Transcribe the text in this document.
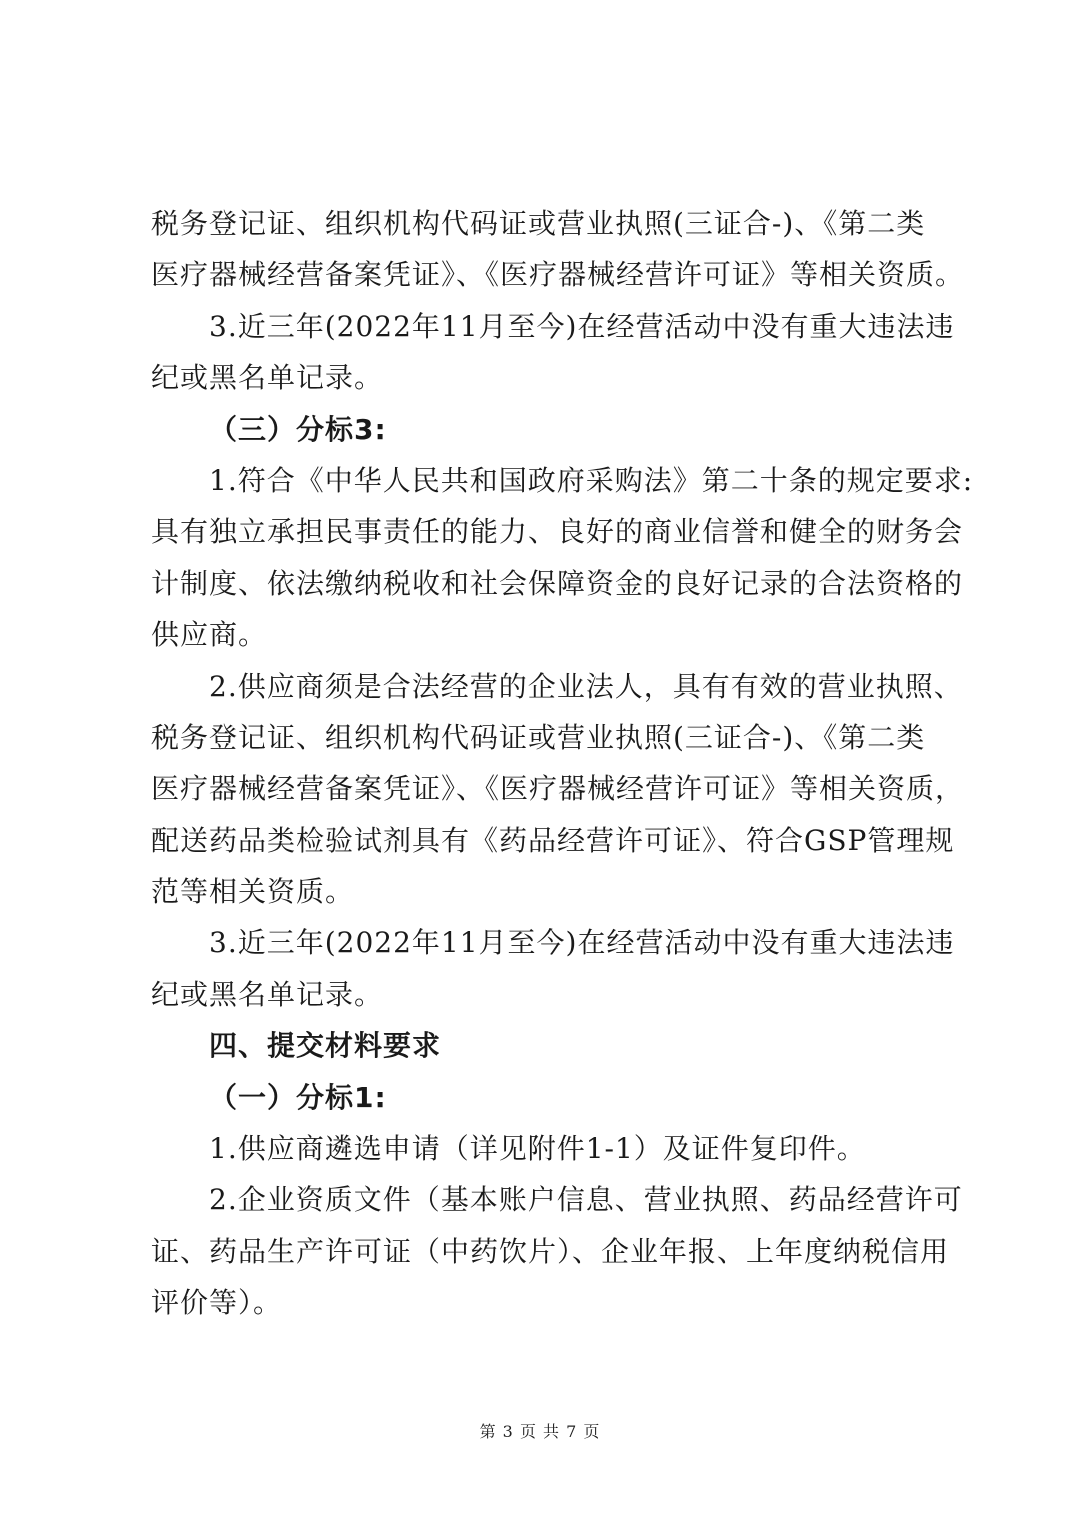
税务登记证、组织机构代码证或营业执照(三证合-)、《第二类
医疗器械经营备案凭证》、《医疗器械经营许可证》等相关资质。
3.近三年(2022年11月至今)在经营活动中没有重大违法违
纪或黑名单记录。
（三）分标3:
1.符合《中华人民共和国政府采购法》第二十条的规定要求:
具有独立承担民事责任的能力、良好的商业信誉和健全的财务会
计制度、依法缴纳税收和社会保障资金的良好记录的合法资格的
供应商。
2.供应商须是合法经营的企业法人，具有有效的营业执照、
税务登记证、组织机构代码证或营业执照(三证合-)、《第二类
医疗器械经营备案凭证》、《医疗器械经营许可证》等相关资质，
配送药品类检验试剂具有《药品经营许可证》、符合GSP管理规
范等相关资质。
3.近三年(2022年11月至今)在经营活动中没有重大违法违
纪或黑名单记录。
四、提交材料要求
（一）分标1:
1.供应商遴选申请（详见附件1-1）及证件复印件。
2.企业资质文件（基本账户信息、营业执照、药品经营许可
证、药品生产许可证（中药饮片）、企业年报、上年度纳税信用
评价等）。
第 3 页 共 7 页
